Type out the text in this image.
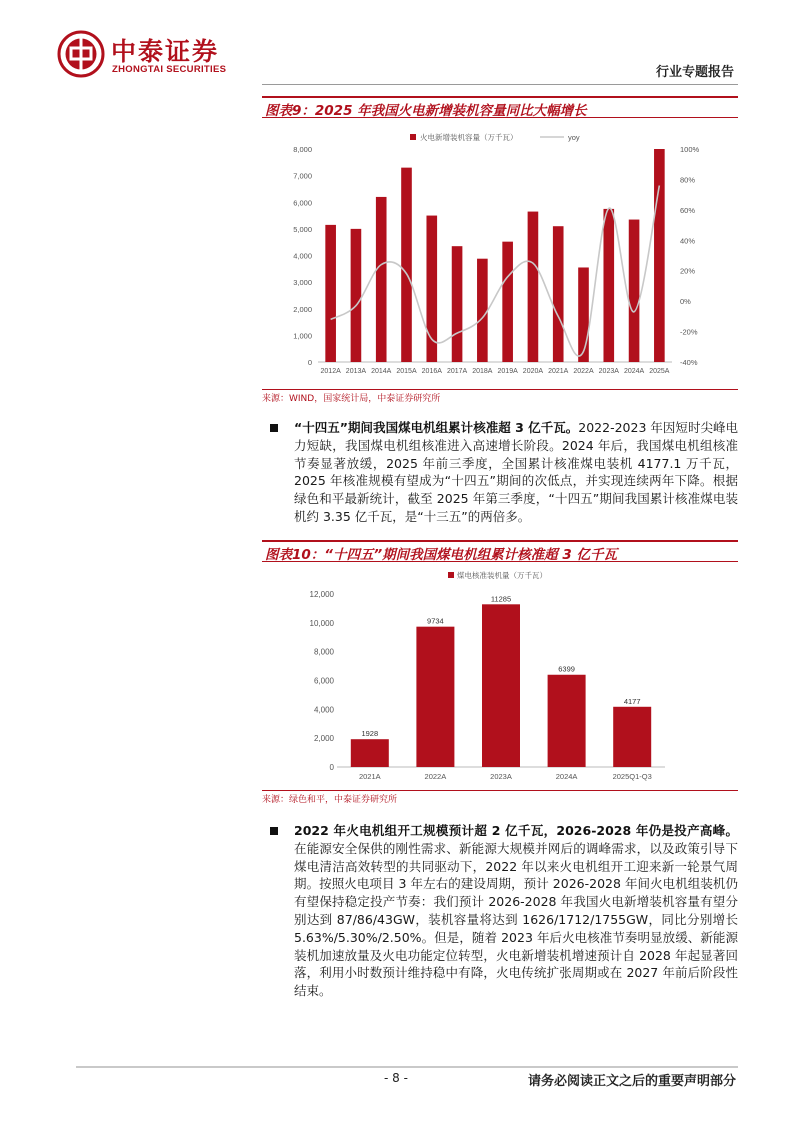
中泰证券
ZHONGTAI SECURITIES	行业专题报告
图表9：2025 年我国火电新增装机容量同比大幅增长
0
1,000
2,000
3,000
4,000
5,000
6,000
7,000
8,000
-40%
-20%
0%
20%
40%
60%
80%
100%
2012A 2013A 2014A 2015A 2016A 2017A 2018A 2019A 2020A 2021A 2022A 2023A 2024A 2025A
火电新增装机容量（万千瓦）	yoy
来源：WIND，国家统计局，中泰证券研究所
“十四五”期间我国煤电机组累计核准超 3 亿千瓦。2022-2023 年因短时尖峰电力短缺，我国煤电机组核准进入高速增长阶段。2024 年后，我国煤电机组核准节奏显著放缓，2025 年前三季度，全国累计核准煤电装机 4177.1 万千瓦，2025 年核准规模有望成为“十四五”期间的次低点，并实现连续两年下降。根据绿色和平最新统计，截至 2025 年第三季度，“十四五”期间我国累计核准煤电装机约 3.35 亿千瓦，是“十三五”的两倍多。
图表10：“十四五”期间我国煤电机组累计核准超 3 亿千瓦
0
2,000
4,000
6,000
8,000
10,000
12,000
1928
2021A
9734
2022A
11285
2023A
6399
2024A
4177
2025Q1-Q3
煤电核准装机量（万千瓦）
来源：绿色和平，中泰证券研究所
2022 年火电机组开工规模预计超 2 亿千瓦，2026-2028 年仍是投产高峰。在能源安全保供的刚性需求、新能源大规模并网后的调峰需求，以及政策引导下煤电清洁高效转型的共同驱动下，2022 年以来火电机组开工迎来新一轮景气周期。按照火电项目 3 年左右的建设周期，预计 2026-2028 年间火电机组装机仍有望保持稳定投产节奏：我们预计 2026-2028 年我国火电新增装机容量有望分别达到 87/86/43GW，装机容量将达到 1626/1712/1755GW，同比分别增长 5.63%/5.30%/2.50%。但是，随着 2023 年后火电核准节奏明显放缓、新能源装机加速放量及火电功能定位转型，火电新增装机增速预计自 2028 年起显著回落，利用小时数预计维持稳中有降，火电传统扩张周期或在 2027 年前后阶段性结束。
- 8 -	请务必阅读正文之后的重要声明部分
